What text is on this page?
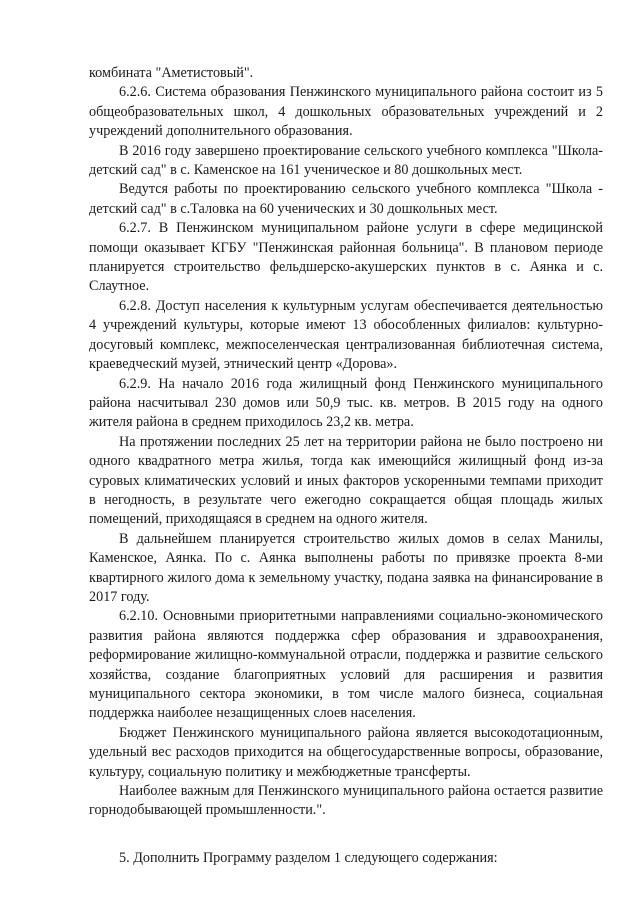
комбината "Аметистовый".

6.2.6. Система образования Пенжинского муниципального района состоит из 5 общеобразовательных школ, 4 дошкольных образовательных учреждений и 2 учреждений дополнительного образования.

В 2016 году завершено проектирование сельского учебного комплекса "Школа-детский сад" в с. Каменское на 161 ученическое и 80 дошкольных мест.

Ведутся работы по проектированию сельского учебного комплекса "Школа - детский сад" в с.Таловка на 60 ученических и 30 дошкольных мест.

6.2.7. В Пенжинском муниципальном районе услуги в сфере медицинской помощи оказывает КГБУ "Пенжинская районная больница". В плановом периоде планируется строительство фельдшерско-акушерских пунктов в с. Аянка и с. Слаутное.

6.2.8. Доступ населения к культурным услугам обеспечивается деятельностью 4 учреждений культуры, которые имеют 13 обособленных филиалов: культурно-досуговый комплекс, межпоселенческая централизованная библиотечная система, краеведческий музей, этнический центр «Дорова».

6.2.9. На начало 2016 года жилищный фонд Пенжинского муниципального района насчитывал 230 домов или 50,9 тыс. кв. метров. В 2015 году на одного жителя района в среднем приходилось 23,2 кв. метра.

На протяжении последних 25 лет на территории района не было построено ни одного квадратного метра жилья, тогда как имеющийся жилищный фонд из-за суровых климатических условий и иных факторов ускоренными темпами приходит в негодность, в результате чего ежегодно сокращается общая площадь жилых помещений, приходящаяся в среднем на одного жителя.

В дальнейшем планируется строительство жилых домов в селах Манилы, Каменское, Аянка. По с. Аянка выполнены работы по привязке проекта 8-ми квартирного жилого дома к земельному участку, подана заявка на финансирование в 2017 году.

6.2.10. Основными приоритетными направлениями социально-экономического развития района являются поддержка сфер образования и здравоохранения, реформирование жилищно-коммунальной отрасли, поддержка и развитие сельского хозяйства, создание благоприятных условий для расширения и развития муниципального сектора экономики, в том числе малого бизнеса, социальная поддержка наиболее незащищенных слоев населения.

Бюджет Пенжинского муниципального района является высокодотационным, удельный вес расходов приходится на общегосударственные вопросы, образование, культуру, социальную политику и межбюджетные трансферты.

Наиболее важным для Пенжинского муниципального района остается развитие горнодобывающей промышленности.".

5. Дополнить Программу разделом 1 следующего содержания:
